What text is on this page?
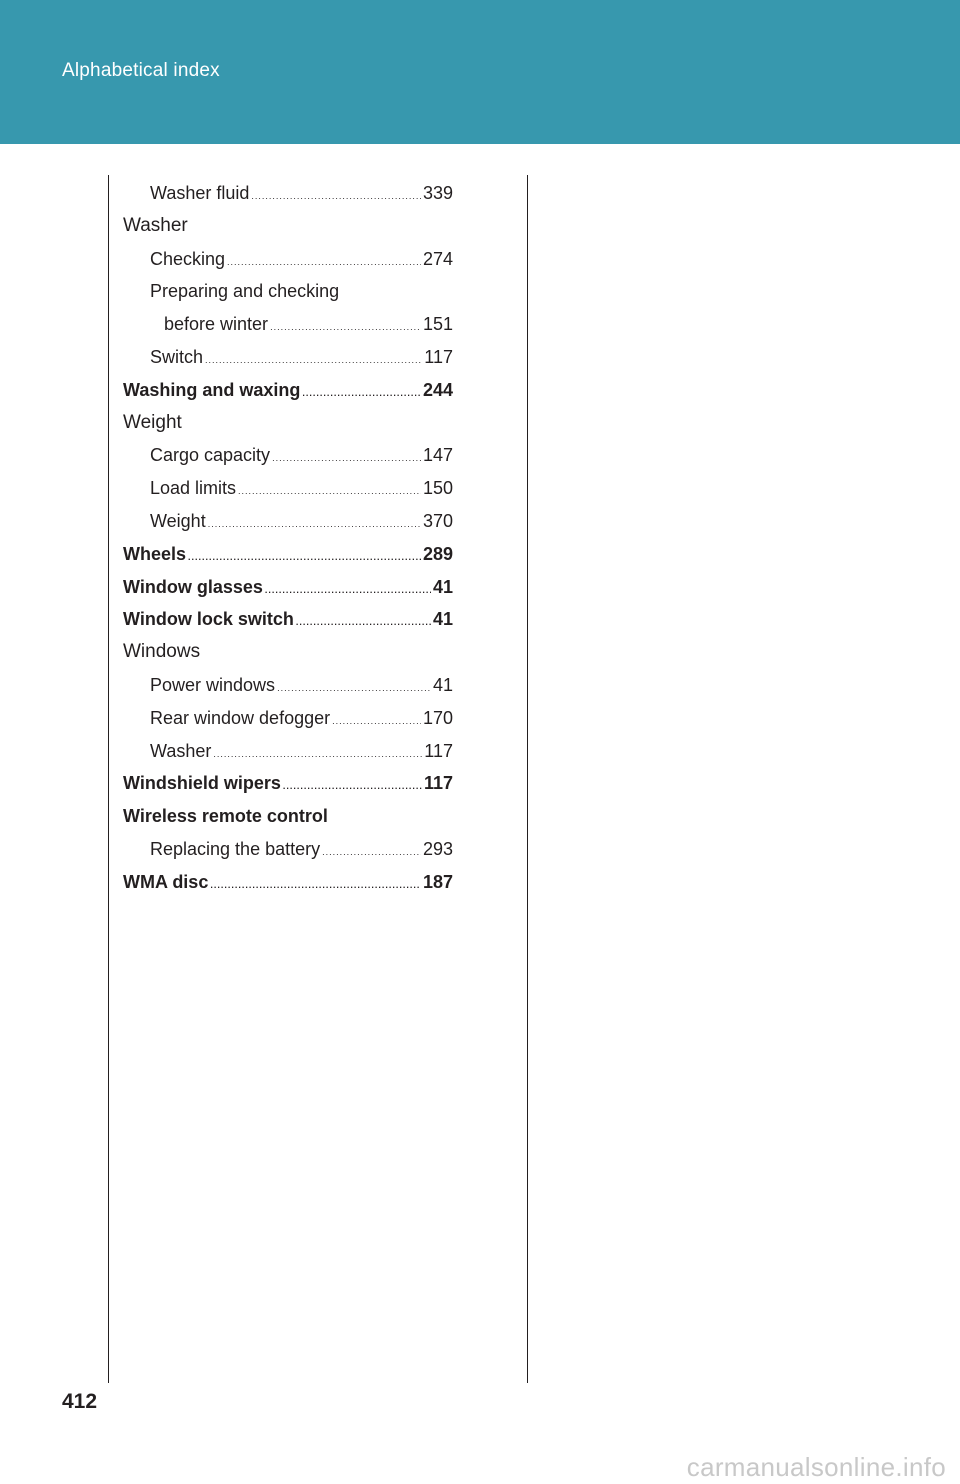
Alphabetical index
Washer fluid .....	339
Washer
Checking .....	274
Preparing and checking
before winter .....	151
Switch .....	117
Washing and waxing .....	244
Weight
Cargo capacity .....	147
Load limits .....	150
Weight .....	370
Wheels .....	289
Window glasses .....	41
Window lock switch .....	41
Windows
Power windows .....	41
Rear window defogger .....	170
Washer .....	117
Windshield wipers .....	117
Wireless remote control
Replacing the battery .....	293
WMA disc .....	187
412
carmanualsonline.info
